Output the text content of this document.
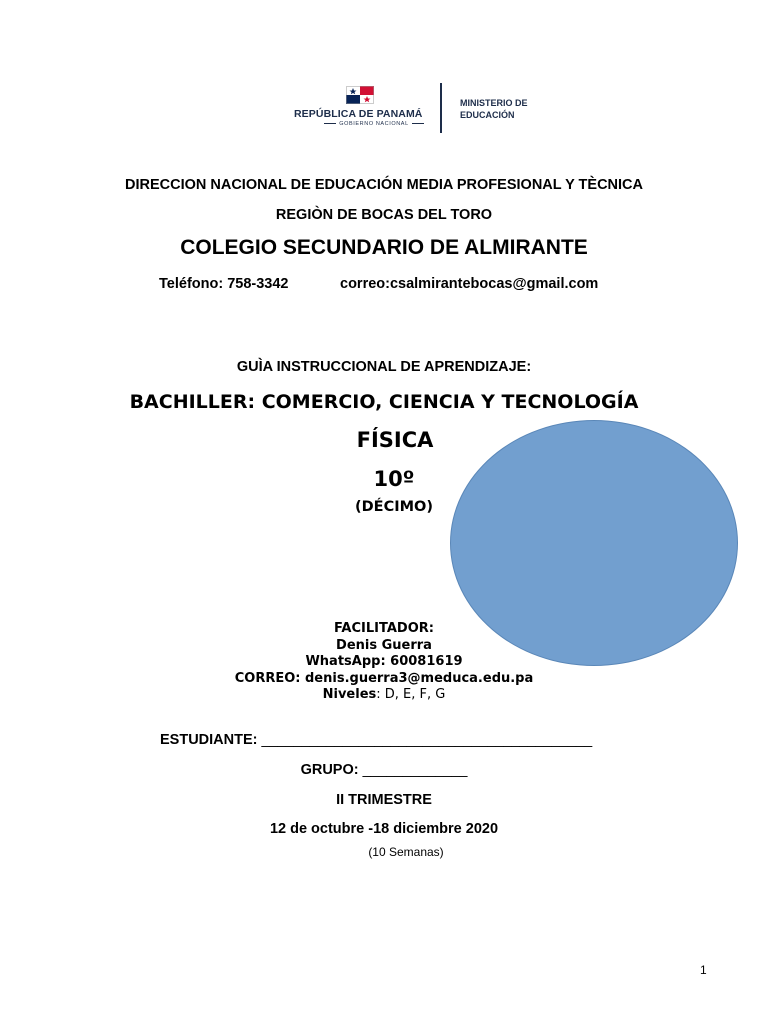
REPÚBLICA DE PANAMÁ
GOBIERNO NACIONAL
MINISTERIO DE
EDUCACIÓN
DIRECCION NACIONAL DE EDUCACIÓN MEDIA PROFESIONAL Y TÈCNICA
REGIÒN DE BOCAS DEL TORO
COLEGIO SECUNDARIO DE ALMIRANTE
Teléfono: 758-3342	correo:csalmirantebocas@gmail.com
GUÌA INSTRUCCIONAL DE APRENDIZAJE:
BACHILLER: COMERCIO, CIENCIA Y TECNOLOGÍA
FÍSICA
10º
(DÉCIMO)
FACILITADOR:
Denis Guerra
WhatsApp: 60081619
CORREO: denis.guerra3@meduca.edu.pa
Niveles: D, E, F, G
ESTUDIANTE: _________________________________________
GRUPO: _____________
II TRIMESTRE
12 de octubre -18 diciembre 2020
(10 Semanas)
1
